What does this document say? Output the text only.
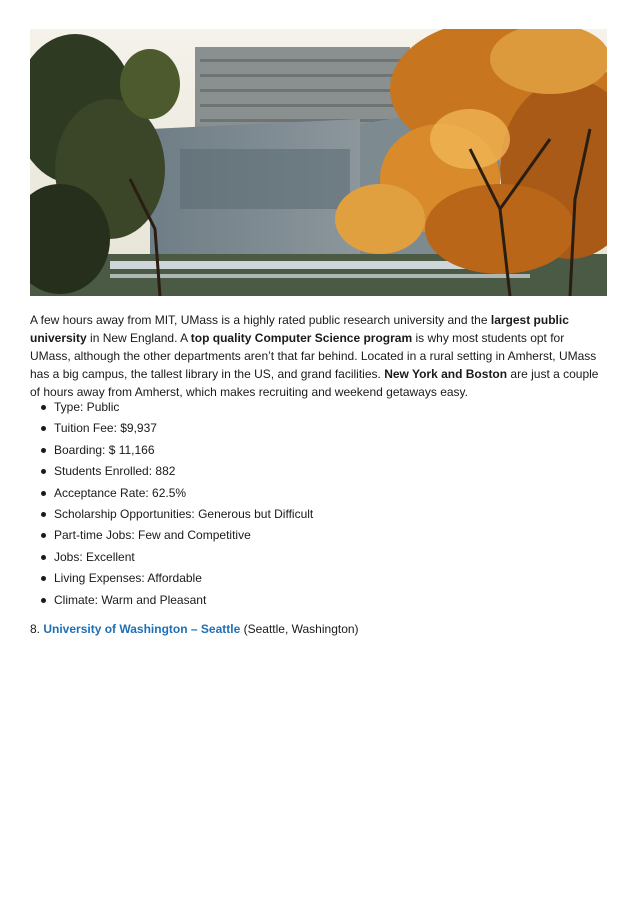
A few hours away from MIT, UMass is a highly rated public research university and the largest public university in New England. A top quality Computer Science program is why most students opt for UMass, although the other departments aren’t that far behind. Located in a rural setting in Amherst, UMass has a big campus, the tallest library in the US, and grand facilities. New York and Boston are just a couple of hours away from Amherst, which makes recruiting and weekend getaways easy.

Type: Public
Tuition Fee: $9,937
Boarding: $ 11,166
Students Enrolled: 882
Acceptance Rate: 62.5%
Scholarship Opportunities: Generous but Difficult
Part-time Jobs: Few and Competitive
Jobs: Excellent
Living Expenses: Affordable
Climate: Warm and Pleasant

8. University of Washington – Seattle (Seattle, Washington)
